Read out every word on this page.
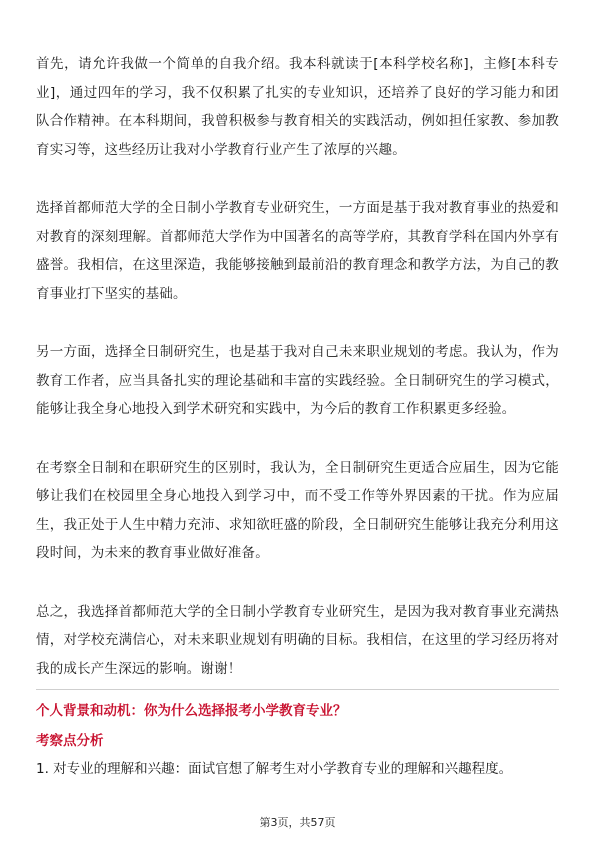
首先，请允许我做一个简单的自我介绍。我本科就读于[本科学校名称]，主修[本科专业]，通过四年的学习，我不仅积累了扎实的专业知识，还培养了良好的学习能力和团队合作精神。在本科期间，我曾积极参与教育相关的实践活动，例如担任家教、参加教育实习等，这些经历让我对小学教育行业产生了浓厚的兴趣。

选择首都师范大学的全日制小学教育专业研究生，一方面是基于我对教育事业的热爱和对教育的深刻理解。首都师范大学作为中国著名的高等学府，其教育学科在国内外享有盛誉。我相信，在这里深造，我能够接触到最前沿的教育理念和教学方法，为自己的教育事业打下坚实的基础。

另一方面，选择全日制研究生，也是基于我对自己未来职业规划的考虑。我认为，作为教育工作者，应当具备扎实的理论基础和丰富的实践经验。全日制研究生的学习模式，能够让我全身心地投入到学术研究和实践中，为今后的教育工作积累更多经验。

在考察全日制和在职研究生的区别时，我认为，全日制研究生更适合应届生，因为它能够让我们在校园里全身心地投入到学习中，而不受工作等外界因素的干扰。作为应届生，我正处于人生中精力充沛、求知欲旺盛的阶段，全日制研究生能够让我充分利用这段时间，为未来的教育事业做好准备。

总之，我选择首都师范大学的全日制小学教育专业研究生，是因为我对教育事业充满热情，对学校充满信心，对未来职业规划有明确的目标。我相信，在这里的学习经历将对我的成长产生深远的影响。谢谢！

个人背景和动机：你为什么选择报考小学教育专业？
考察点分析

1. 对专业的理解和兴趣：面试官想了解考生对小学教育专业的理解和兴趣程度。

第3页，共57页
